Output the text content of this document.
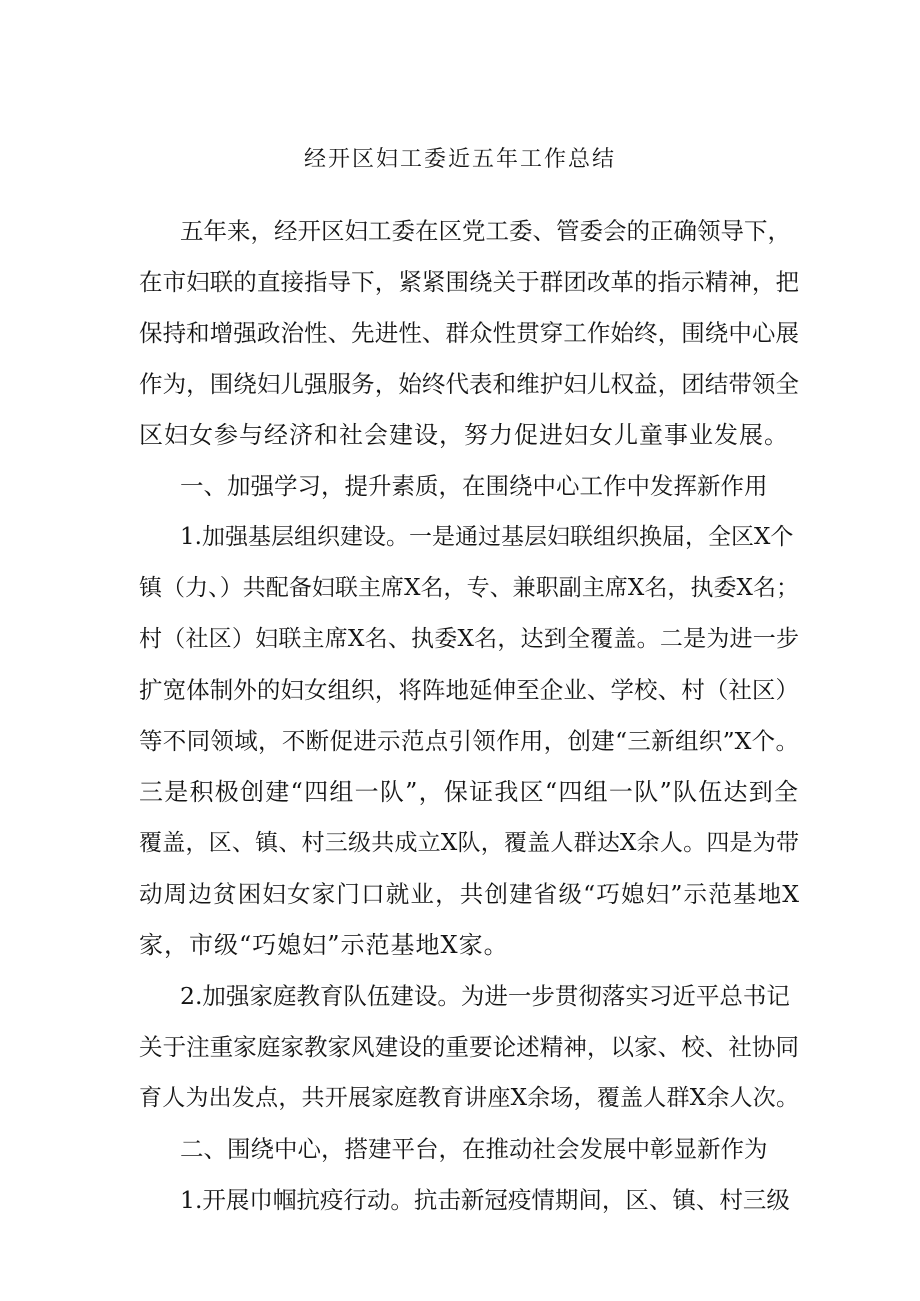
经开区妇工委近五年工作总结
五年来，经开区妇工委在区党工委、管委会的正确领导下，
在市妇联的直接指导下，紧紧围绕关于群团改革的指示精神，把
保持和增强政治性、先进性、群众性贯穿工作始终，围绕中心展
作为，围绕妇儿强服务，始终代表和维护妇儿权益，团结带领全
区妇女参与经济和社会建设，努力促进妇女儿童事业发展。
一、加强学习，提升素质，在围绕中心工作中发挥新作用
1.加强基层组织建设。一是通过基层妇联组织换届，全区X个
镇（力、）共配备妇联主席X名，专、兼职副主席X名，执委X名；
村（社区）妇联主席X名、执委X名，达到全覆盖。二是为进一步
扩宽体制外的妇女组织，将阵地延伸至企业、学校、村（社区）
等不同领域，不断促进示范点引领作用，创建“三新组织”X个。
三是积极创建“四组一队”，保证我区“四组一队”队伍达到全
覆盖，区、镇、村三级共成立X队，覆盖人群达X余人。四是为带
动周边贫困妇女家门口就业，共创建省级“巧媳妇”示范基地X
家，市级“巧媳妇”示范基地X家。
2.加强家庭教育队伍建设。为进一步贯彻落实习近平总书记
关于注重家庭家教家风建设的重要论述精神，以家、校、社协同
育人为出发点，共开展家庭教育讲座X余场，覆盖人群X余人次。
二、围绕中心，搭建平台，在推动社会发展中彰显新作为
1.开展巾帼抗疫行动。抗击新冠疫情期间，区、镇、村三级
